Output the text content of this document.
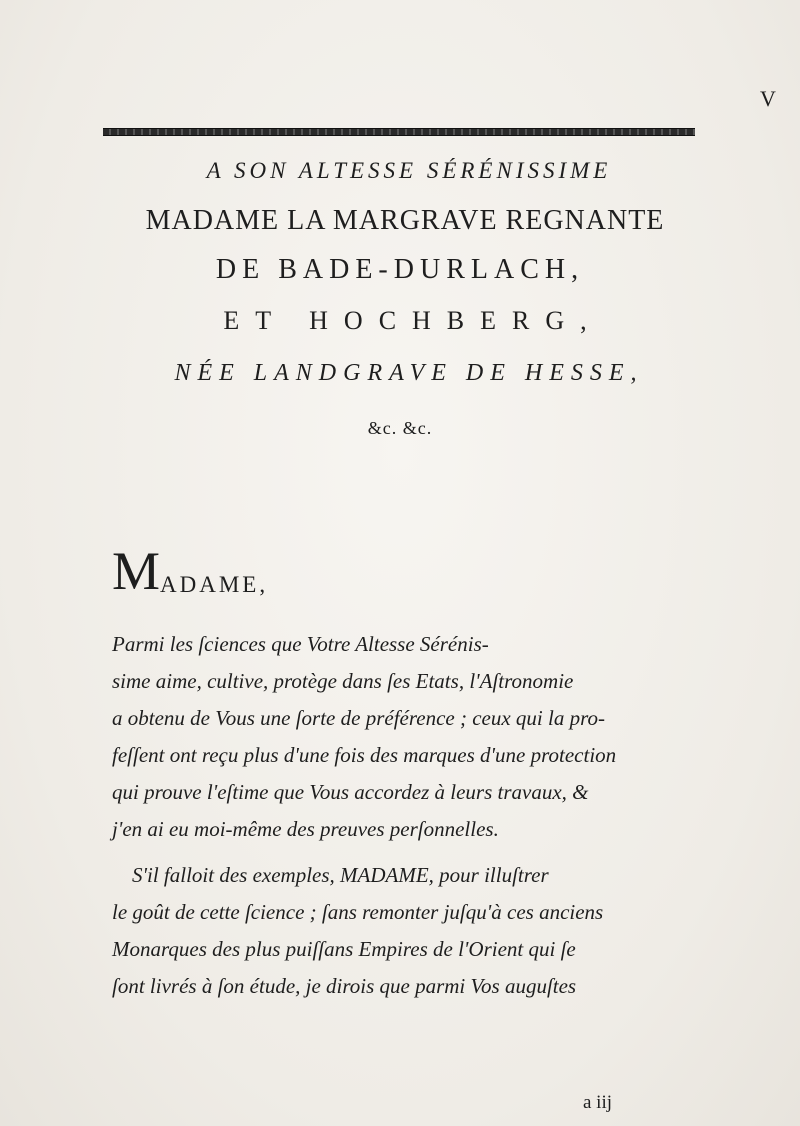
V
A SON ALTESSE SÉRÉNISSIME
MADAME LA MARGRAVE REGNANTE
DE BADE-DURLACH,
ET HOCHBERG,
NÉE LANDGRAVE DE HESSE,
&c. &c.
MADAME,
Parmi les ſciences que Votre Altesse Sérénis-
sime aime, cultive, protège dans ſes Etats, l'Aſtronomie
a obtenu de Vous une ſorte de préférence ; ceux qui la pro-
feſſent ont reçu plus d'une fois des marques d'une protection
qui prouve l'eſtime que Vous accordez à leurs travaux, &
j'en ai eu moi-même des preuves perſonnelles.
S'il falloit des exemples, MADAME, pour illuſtrer
le goût de cette ſcience ; ſans remonter juſqu'à ces anciens
Monarques des plus puiſſans Empires de l'Orient qui ſe
ſont livrés à ſon étude, je dirois que parmi Vos auguſtes
a iij
